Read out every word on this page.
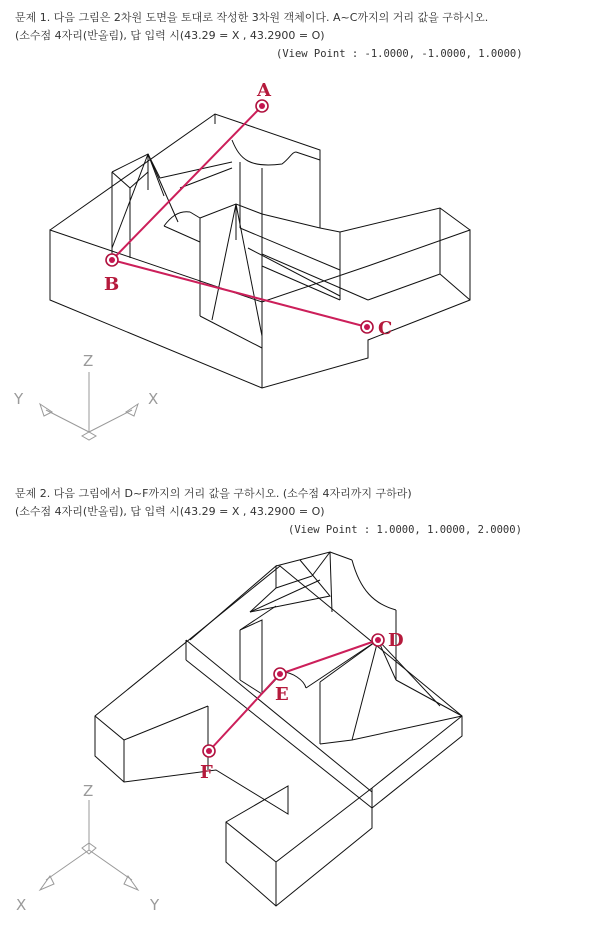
문제 1. 다음 그림은 2차원 도면을 토대로 작성한 3차원 객체이다. A~C까지의 거리 값을 구하시오.
(소수점 4자리(반올림), 답 입력 시(43.29 = X , 43.2900 = O)
(View Point : -1.0000, -1.0000, 1.0000)
문제 2. 다음 그림에서 D~F까지의 거리 값을 구하시오. (소수점 4자리까지 구하라)
(소수점 4자리(반올림), 답 입력 시(43.29 = X , 43.2900 = O)
(View Point : 1.0000, 1.0000, 2.0000)
Z
Y	X
A
B
C
Z
X	Y
D
E
F
